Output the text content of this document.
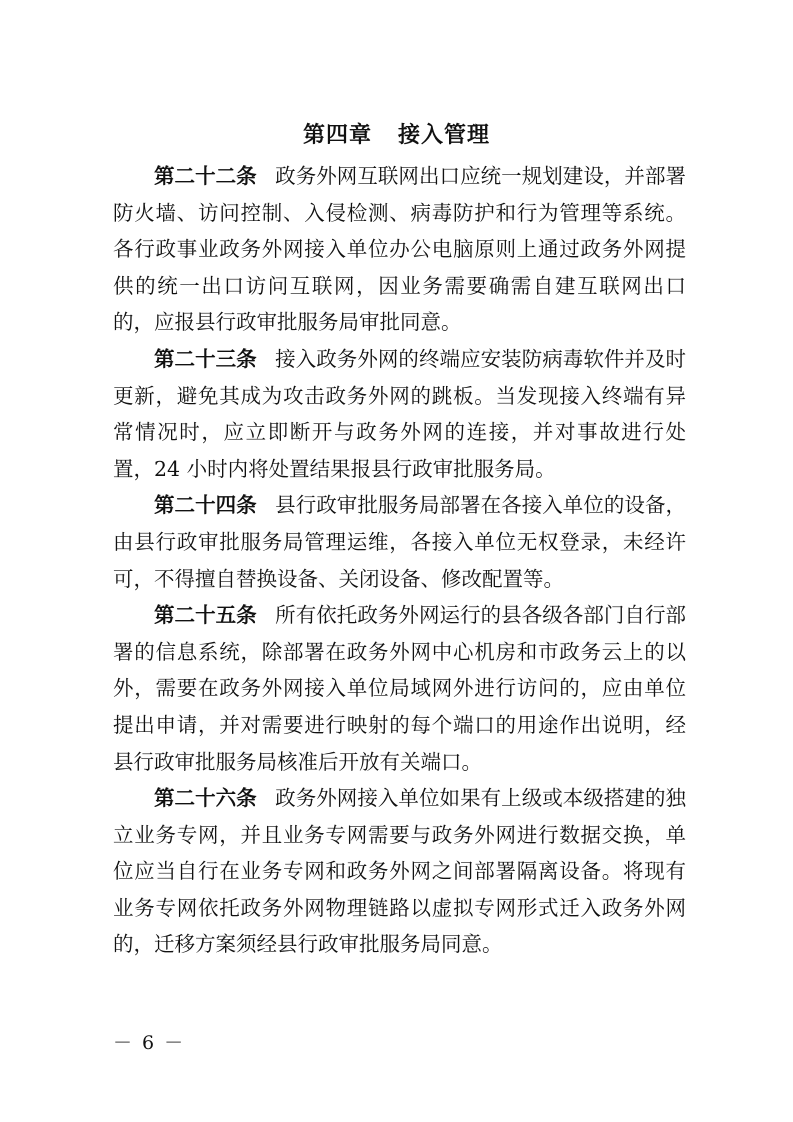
第四章 接入管理

第二十二条 政务外网互联网出口应统一规划建设，并部署防火墙、访问控制、入侵检测、病毒防护和行为管理等系统。各行政事业政务外网接入单位办公电脑原则上通过政务外网提供的统一出口访问互联网，因业务需要确需自建互联网出口的，应报县行政审批服务局审批同意。

第二十三条 接入政务外网的终端应安装防病毒软件并及时更新，避免其成为攻击政务外网的跳板。当发现接入终端有异常情况时，应立即断开与政务外网的连接，并对事故进行处置，24 小时内将处置结果报县行政审批服务局。

第二十四条 县行政审批服务局部署在各接入单位的设备，由县行政审批服务局管理运维，各接入单位无权登录，未经许可，不得擅自替换设备、关闭设备、修改配置等。

第二十五条 所有依托政务外网运行的县各级各部门自行部署的信息系统，除部署在政务外网中心机房和市政务云上的以外，需要在政务外网接入单位局域网外进行访问的，应由单位提出申请，并对需要进行映射的每个端口的用途作出说明，经县行政审批服务局核准后开放有关端口。

第二十六条 政务外网接入单位如果有上级或本级搭建的独立业务专网，并且业务专网需要与政务外网进行数据交换，单位应当自行在业务专网和政务外网之间部署隔离设备。将现有业务专网依托政务外网物理链路以虚拟专网形式迁入政务外网的，迁移方案须经县行政审批服务局同意。

－ 6 －
